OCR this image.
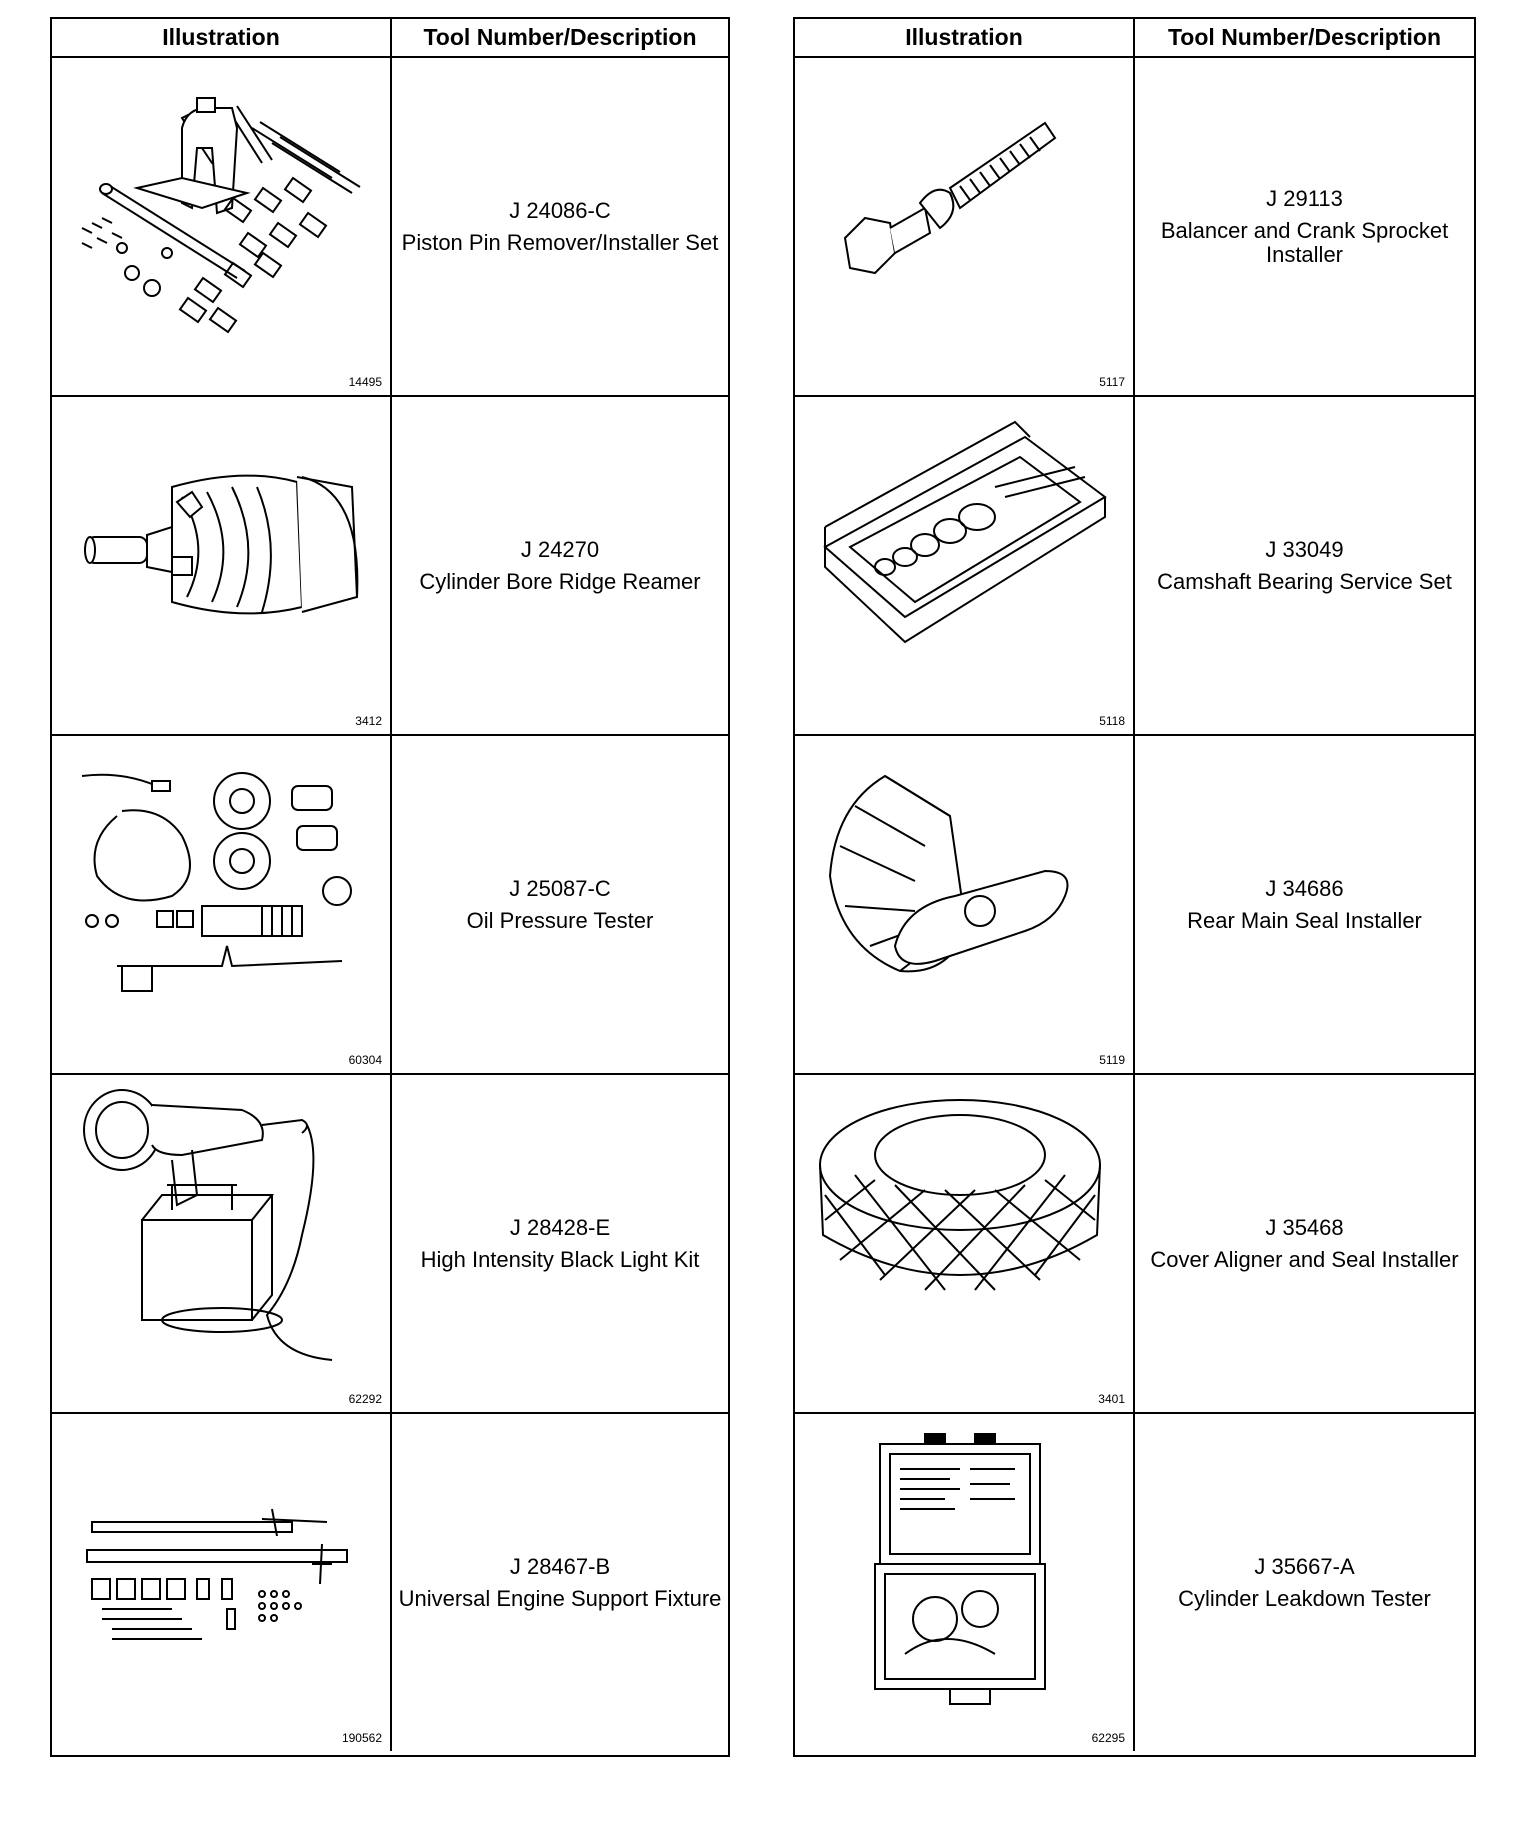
Illustration	Tool Number/Description
14495
J 24086-C
Piston Pin Remover/Installer Set
3412
J 24270
Cylinder Bore Ridge Reamer
60304
J 25087-C
Oil Pressure Tester
62292
J 28428-E
High Intensity Black Light Kit
190562
J 28467-B
Universal Engine Support Fixture
Illustration	Tool Number/Description
5117
J 29113
Balancer and Crank Sprocket Installer
5118
J 33049
Camshaft Bearing Service Set
5119
J 34686
Rear Main Seal Installer
3401
J 35468
Cover Aligner and Seal Installer
62295
J 35667-A
Cylinder Leakdown Tester
